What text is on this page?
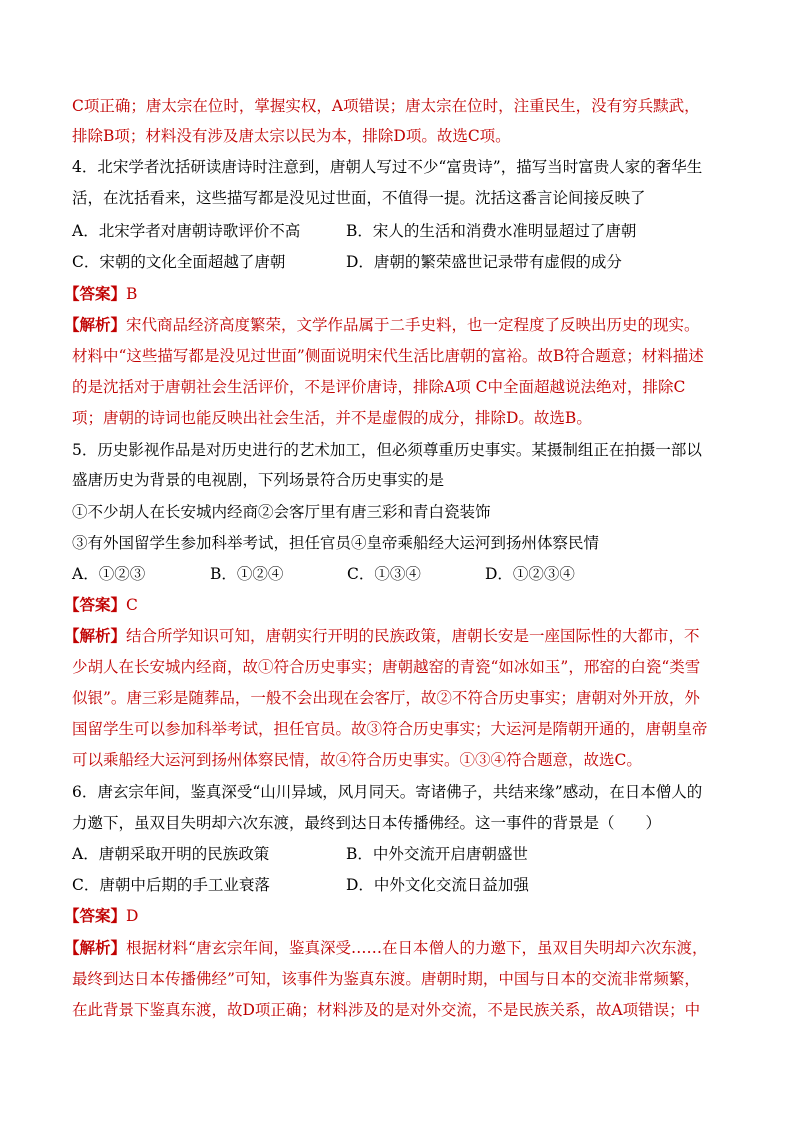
C项正确；唐太宗在位时，掌握实权，A项错误；唐太宗在位时，注重民生，没有穷兵黩武，
排除B项；材料没有涉及唐太宗以民为本，排除D项。故选C项。
4．北宋学者沈括研读唐诗时注意到，唐朝人写过不少“富贵诗”，描写当时富贵人家的奢华生
活，在沈括看来，这些描写都是没见过世面，不值得一提。沈括这番言论间接反映了
A．北宋学者对唐朝诗歌评价不高	B．宋人的生活和消费水准明显超过了唐朝
C．宋朝的文化全面超越了唐朝	D．唐朝的繁荣盛世记录带有虚假的成分
【答案】B
【解析】宋代商品经济高度繁荣，文学作品属于二手史料，也一定程度了反映出历史的现实。
材料中“这些描写都是没见过世面”侧面说明宋代生活比唐朝的富裕。故B符合题意；材料描述
的是沈括对于唐朝社会生活评价，不是评价唐诗，排除A项 C中全面超越说法绝对，排除C
项；唐朝的诗词也能反映出社会生活，并不是虚假的成分，排除D。故选B。
5．历史影视作品是对历史进行的艺术加工，但必须尊重历史事实。某摄制组正在拍摄一部以
盛唐历史为背景的电视剧，下列场景符合历史事实的是
①不少胡人在长安城内经商②会客厅里有唐三彩和青白瓷装饰
③有外国留学生参加科举考试，担任官员④皇帝乘船经大运河到扬州体察民情
A．①②③	B．①②④	C．①③④	D．①②③④
【答案】C
【解析】结合所学知识可知，唐朝实行开明的民族政策，唐朝长安是一座国际性的大都市，不
少胡人在长安城内经商，故①符合历史事实；唐朝越窑的青瓷“如冰如玉”，邢窑的白瓷“类雪
似银”。唐三彩是随葬品，一般不会出现在会客厅，故②不符合历史事实；唐朝对外开放，外
国留学生可以参加科举考试，担任官员。故③符合历史事实；大运河是隋朝开通的，唐朝皇帝
可以乘船经大运河到扬州体察民情，故④符合历史事实。①③④符合题意，故选C。
6．唐玄宗年间，鉴真深受“山川异域，风月同天。寄诸佛子，共结来缘”感动，在日本僧人的
力邀下，虽双目失明却六次东渡，最终到达日本传播佛经。这一事件的背景是（　　）
A．唐朝采取开明的民族政策	B．中外交流开启唐朝盛世
C．唐朝中后期的手工业衰落	D．中外文化交流日益加强
【答案】D
【解析】根据材料“唐玄宗年间，鉴真深受……在日本僧人的力邀下，虽双目失明却六次东渡，
最终到达日本传播佛经”可知，该事件为鉴真东渡。唐朝时期，中国与日本的交流非常频繁，
在此背景下鉴真东渡，故D项正确；材料涉及的是对外交流，不是民族关系，故A项错误；中
